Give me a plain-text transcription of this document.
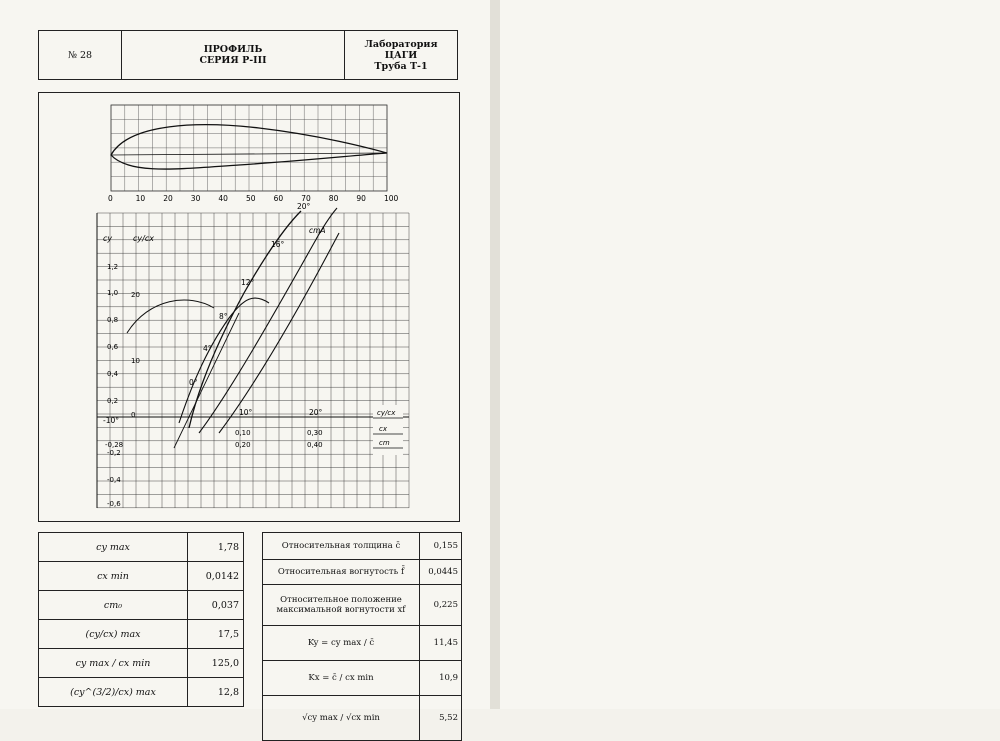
№ 28	ПРОФИЛЬ
СЕРИЯ Р-III

Лаборатория
ЦАГИ
Труба Т-1
0	10 20 30 40 50 60 70 80 90 100
cy	cy/cx
cmA
20°
16°
12°
8°
4°
0°
-10°
10°	20°
0,10
0,20
0,30
0,40
cy/cx
cx
cm
1,2
1,0
0,8
0,6
0,4
0,2
-0,2
-0,4
-0,6
20
10
0
-0,28
cy max	1,78
cx min	0,0142
cm₀	0,037
(cy/cx) max	17,5
cy max / cx min	125,0
(cy^(3/2)/cx) max	12,8
Относительная толщина c̄	0,155
Относительная вогнутость f̄	0,0445
Относительное положение максимальной вогнутости xf	0,225
Ky = cy max / c̄	11,45
Kx = c̄ / cx min	10,9
√cy max / √cx min	5,52
